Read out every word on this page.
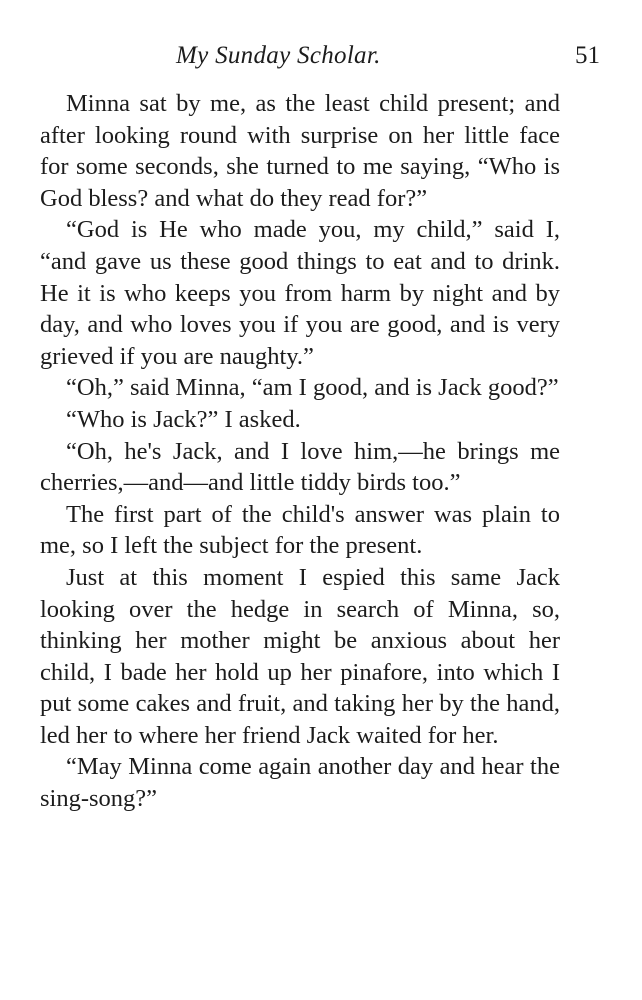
My Sunday Scholar.	51

Minna sat by me, as the least child present; and after looking round with surprise on her little face for some seconds, she turned to me saying, “Who is God bless? and what do they read for?”

“God is He who made you, my child,” said I, “and gave us these good things to eat and to drink. He it is who keeps you from harm by night and by day, and who loves you if you are good, and is very grieved if you are naughty.”

“Oh,” said Minna, “am I good, and is Jack good?”

“Who is Jack?” I asked.

“Oh, he's Jack, and I love him,—he brings me cherries,—and—and little tiddy birds too.”

The first part of the child's answer was plain to me, so I left the subject for the present.

Just at this moment I espied this same Jack looking over the hedge in search of Minna, so, thinking her mother might be anxious about her child, I bade her hold up her pinafore, into which I put some cakes and fruit, and taking her by the hand, led her to where her friend Jack waited for her.

“May Minna come again another day and hear the sing-song?”
